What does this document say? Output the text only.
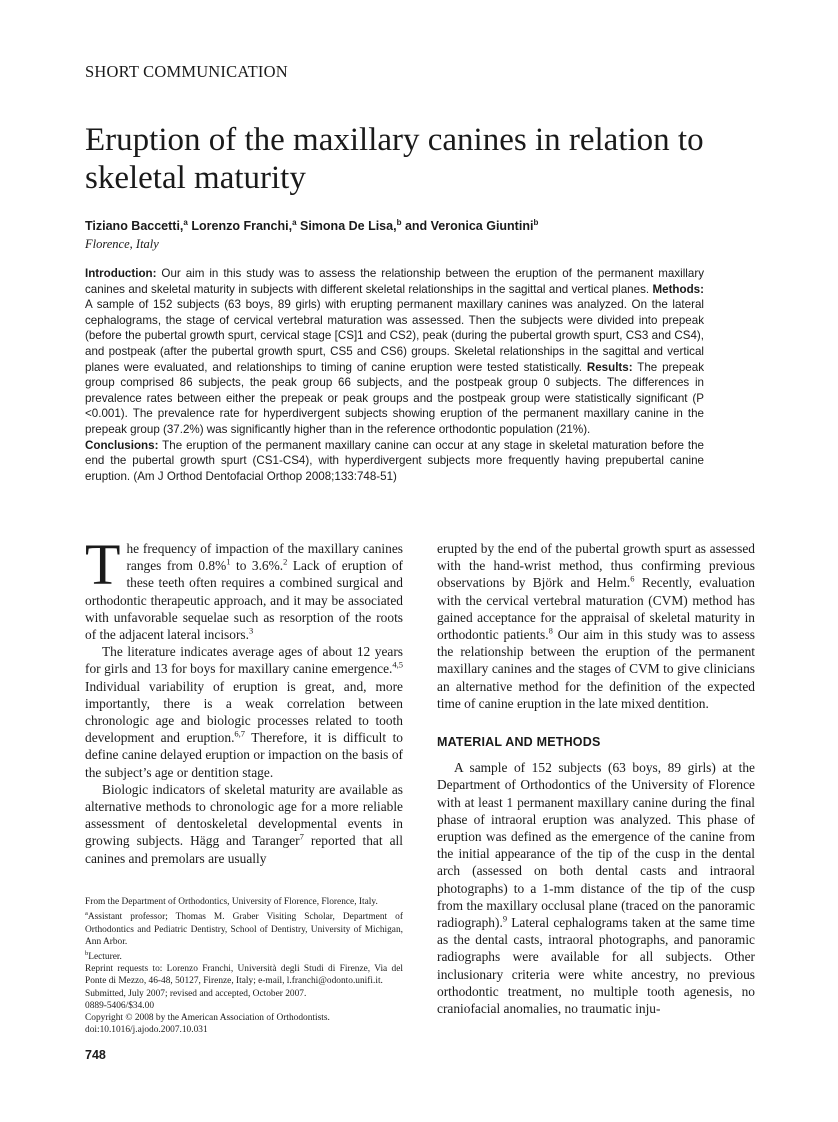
SHORT COMMUNICATION
Eruption of the maxillary canines in relation to skeletal maturity
Tiziano Baccetti,$^a$ Lorenzo Franchi,$^a$ Simona De Lisa,$^b$ and Veronica Giuntini$^b$
Florence, Italy
Introduction: Our aim in this study was to assess the relationship between the eruption of the permanent maxillary canines and skeletal maturity in subjects with different skeletal relationships in the sagittal and vertical planes. Methods: A sample of 152 subjects (63 boys, 89 girls) with erupting permanent maxillary canines was analyzed. On the lateral cephalograms, the stage of cervical vertebral maturation was assessed. Then the subjects were divided into prepeak (before the pubertal growth spurt, cervical stage [CS]1 and CS2), peak (during the pubertal growth spurt, CS3 and CS4), and postpeak (after the pubertal growth spurt, CS5 and CS6) groups. Skeletal relationships in the sagittal and vertical planes were evaluated, and relationships to timing of canine eruption were tested statistically. Results: The prepeak group comprised 86 subjects, the peak group 66 subjects, and the postpeak group 0 subjects. The differences in prevalence rates between either the prepeak or peak groups and the postpeak group were statistically significant (P <0.001). The prevalence rate for hyperdivergent subjects showing eruption of the permanent maxillary canine in the prepeak group (37.2%) was significantly higher than in the reference orthodontic population (21%).
Conclusions: The eruption of the permanent maxillary canine can occur at any stage in skeletal maturation before the end the pubertal growth spurt (CS1-CS4), with hyperdivergent subjects more frequently having prepubertal canine eruption. (Am J Orthod Dentofacial Orthop 2008;133:748-51)

The frequency of impaction of the maxillary canines ranges from 0.8%$^1$ to 3.6%.$^2$ Lack of eruption of these teeth often requires a combined surgical and orthodontic therapeutic approach, and it may be associated with unfavorable sequelae such as resorption of the roots of the adjacent lateral incisors.$^3$

The literature indicates average ages of about 12 years for girls and 13 for boys for maxillary canine emergence.$^{4,5}$ Individual variability of eruption is great, and, more importantly, there is a weak correlation between chronologic age and biologic processes related to tooth development and eruption.$^{6,7}$ Therefore, it is difficult to define canine delayed eruption or impaction on the basis of the subject’s age or dentition stage.

Biologic indicators of skeletal maturity are available as alternative methods to chronologic age for a more reliable assessment of dentoskeletal developmental events in growing subjects. Hägg and Taranger$^7$ reported that all canines and premolars are usually

erupted by the end of the pubertal growth spurt as assessed with the hand-wrist method, thus confirming previous observations by Björk and Helm.$^6$ Recently, evaluation with the cervical vertebral maturation (CVM) method has gained acceptance for the appraisal of skeletal maturity in orthodontic patients.$^8$ Our aim in this study was to assess the relationship between the eruption of the permanent maxillary canines and the stages of CVM to give clinicians an alternative method for the definition of the expected time of canine eruption in the late mixed dentition.

MATERIAL AND METHODS

A sample of 152 subjects (63 boys, 89 girls) at the Department of Orthodontics of the University of Florence with at least 1 permanent maxillary canine during the final phase of intraoral eruption was analyzed. This phase of eruption was defined as the emergence of the canine from the initial appearance of the tip of the cusp in the dental arch (assessed on both dental casts and intraoral photographs) to a 1-mm distance of the tip of the cusp from the maxillary occlusal plane (traced on the panoramic radiograph).$^9$ Lateral cephalograms taken at the same time as the dental casts, intraoral photographs, and panoramic radiographs were available for all subjects. Other inclusionary criteria were white ancestry, no previous orthodontic treatment, no multiple tooth agenesis, no craniofacial anomalies, no traumatic inju-

From the Department of Orthodontics, University of Florence, Florence, Italy.

$^a$Assistant professor; Thomas M. Graber Visiting Scholar, Department of Orthodontics and Pediatric Dentistry, School of Dentistry, University of Michigan, Ann Arbor.

$^b$Lecturer.

Reprint requests to: Lorenzo Franchi, Università degli Studi di Firenze, Via del Ponte di Mezzo, 46-48, 50127, Firenze, Italy; e-mail, l.franchi@odonto.unifi.it.

Submitted, July 2007; revised and accepted, October 2007.

0889-5406/$34.00

Copyright © 2008 by the American Association of Orthodontists.

doi:10.1016/j.ajodo.2007.10.031

748
